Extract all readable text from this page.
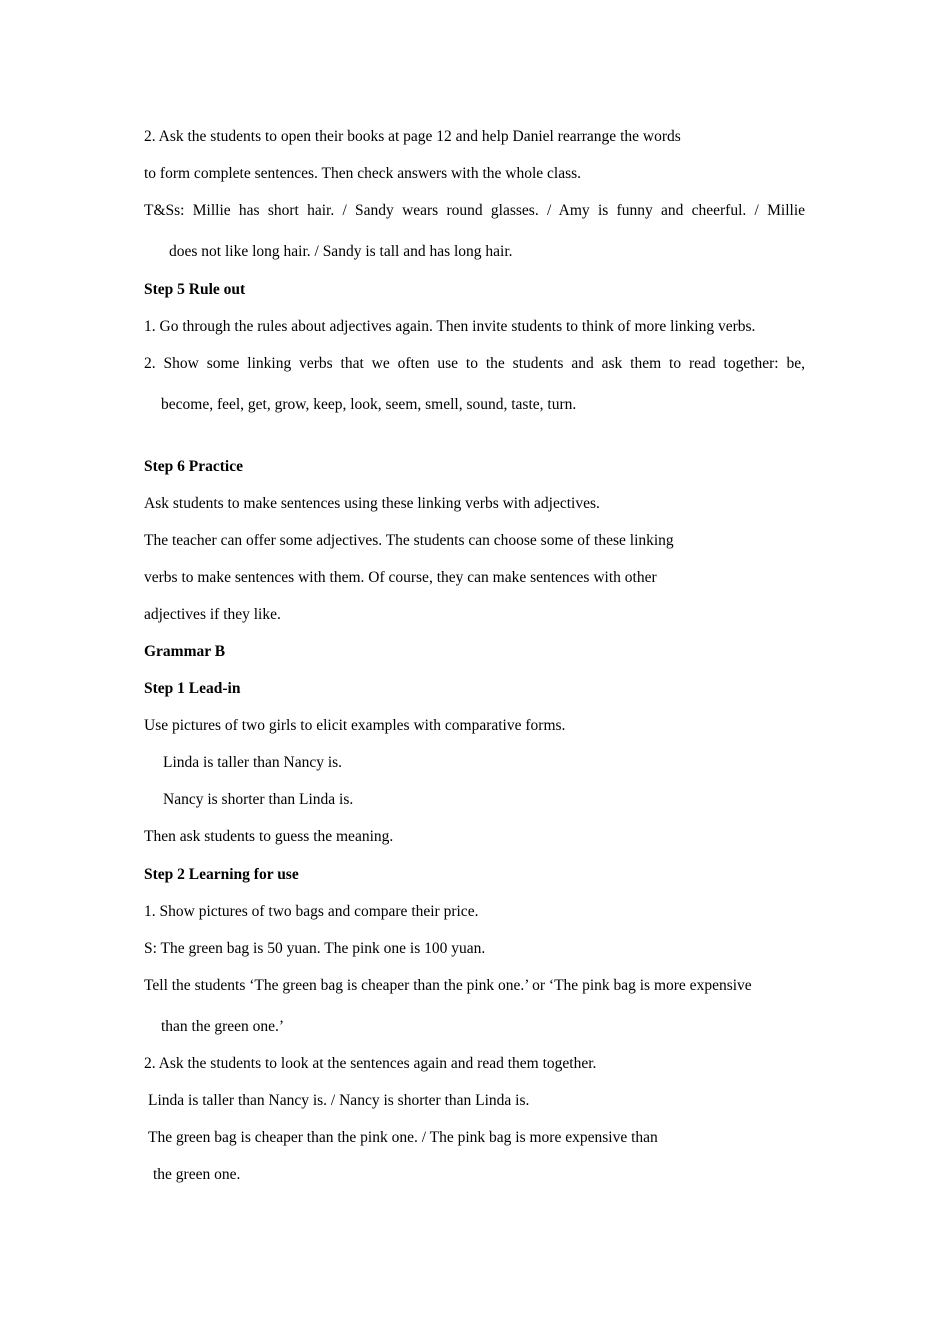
2. Ask the students to open their books at page 12 and help Daniel rearrange the words
to form complete sentences. Then check answers with the whole class.
T&Ss: Millie has short hair. / Sandy wears round glasses. / Amy is funny and cheerful. / Millie
does not like long hair. / Sandy is tall and has long hair.
Step 5 Rule out
1. Go through the rules about adjectives again. Then invite students to think of more linking verbs.
2. Show some linking verbs that we often use to the students and ask them to read together: be,
become, feel, get, grow, keep, look, seem, smell, sound, taste, turn.
Step 6 Practice
Ask students to make sentences using these linking verbs with adjectives.
The teacher can offer some adjectives. The students can choose some of these linking
verbs to make sentences with them. Of course, they can make sentences with other
adjectives if they like.
Grammar B
Step 1 Lead-in
Use pictures of two girls to elicit examples with comparative forms.
Linda is taller than Nancy is.
Nancy is shorter than Linda is.
Then ask students to guess the meaning.
Step 2 Learning for use
1. Show pictures of two bags and compare their price.
S: The green bag is 50 yuan. The pink one is 100 yuan.
Tell the students ‘The green bag is cheaper than the pink one.’ or ‘The pink bag is more expensive
than the green one.’
2. Ask the students to look at the sentences again and read them together.
Linda is taller than Nancy is. / Nancy is shorter than Linda is.
The green bag is cheaper than the pink one. / The pink bag is more expensive than
the green one.
